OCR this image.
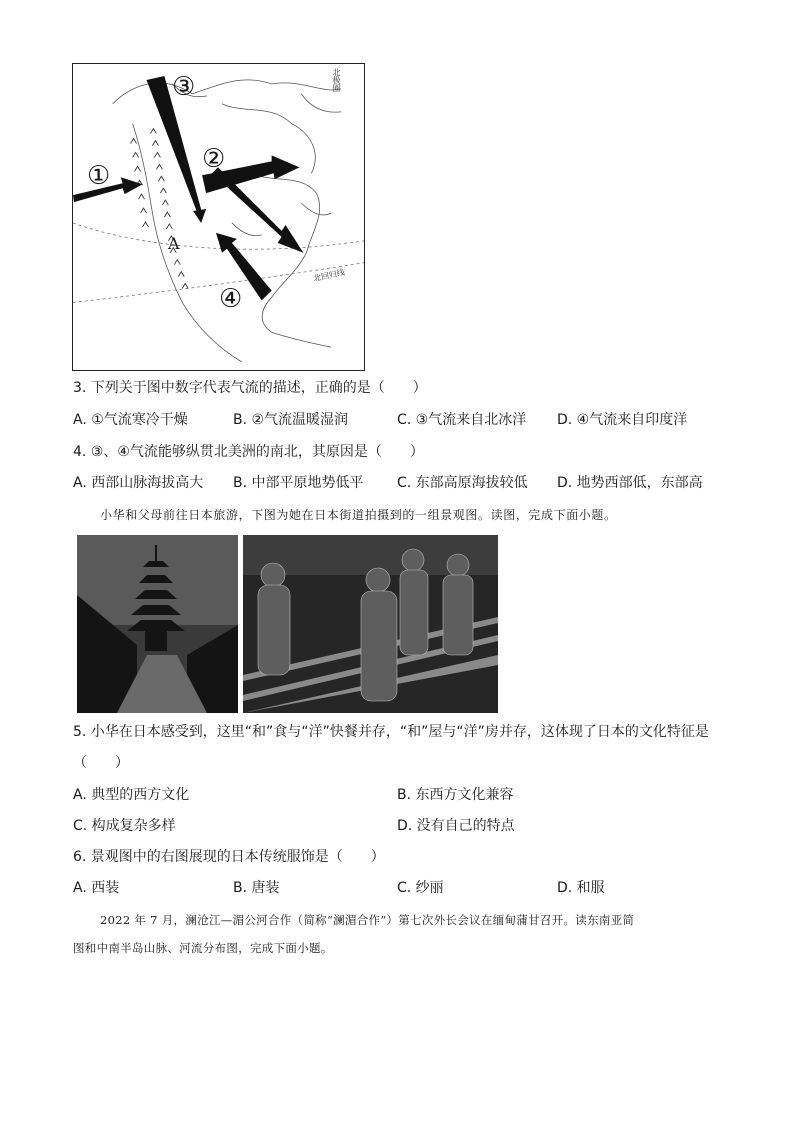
③
②
①
④
A
北极圈
北回归线
3. 下列关于图中数字代表气流的描述，正确的是（　　）
A. ①气流寒冷干燥	B. ②气流温暖湿润	C. ③气流来自北冰洋 D. ④气流来自印度洋
4. ③、④气流能够纵贯北美洲的南北，其原因是（　　）
A. 西部山脉海拔高大 B. 中部平原地势低平 C. 东部高原海拔较低 D. 地势西部低，东部高
小华和父母前往日本旅游，下图为她在日本街道拍摄到的一组景观图。读图，完成下面小题。
5. 小华在日本感受到，这里“和”食与“洋”快餐并存，“和”屋与“洋”房并存，这体现了日本的文化特征是
（　　）
A. 典型的西方文化	B. 东西方文化兼容
C. 构成复杂多样	D. 没有自己的特点
6. 景观图中的右图展现的日本传统服饰是（　　）
A. 西装	B. 唐装	C. 纱丽	D. 和服
2022 年 7 月，澜沧江—湄公河合作（简称“澜湄合作”）第七次外长会议在缅甸蒲甘召开。读东南亚简
图和中南半岛山脉、河流分布图，完成下面小题。
